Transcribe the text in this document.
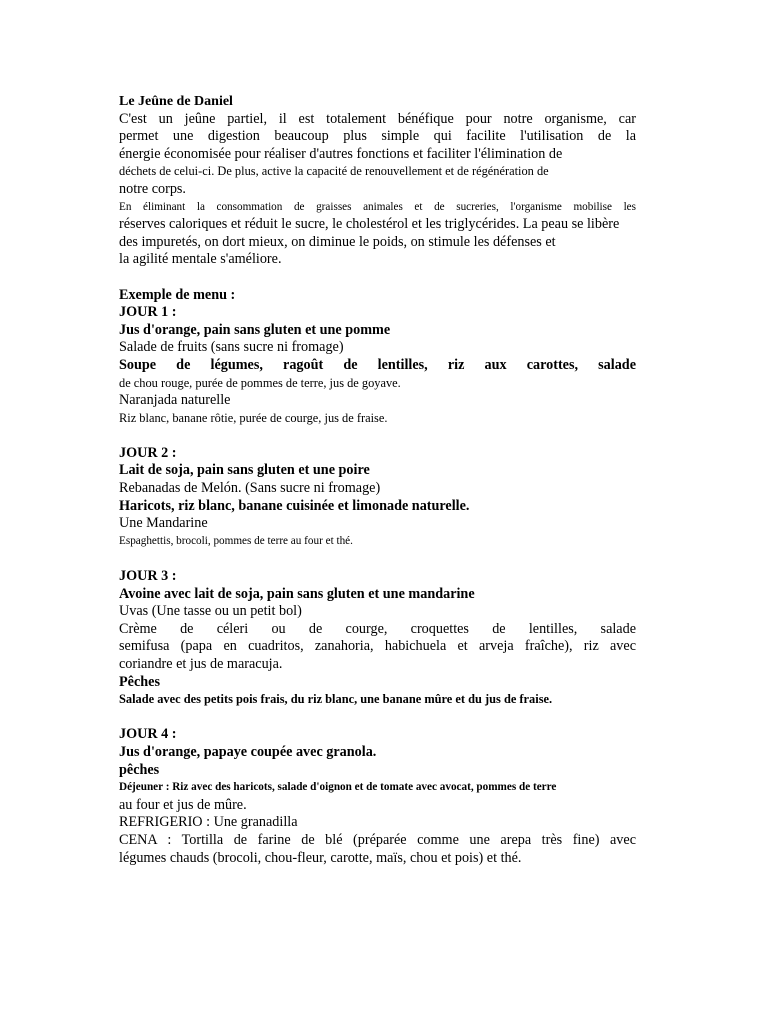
Le Jeûne de Daniel
C'est un jeûne partiel, il est totalement bénéfique pour notre organisme, car
permet une digestion beaucoup plus simple qui facilite l'utilisation de la
énergie économisée pour réaliser d'autres fonctions et faciliter l'élimination de
déchets de celui-ci. De plus, active la capacité de renouvellement et de régénération de
notre corps.
En éliminant la consommation de graisses animales et de sucreries, l'organisme mobilise les
réserves caloriques et réduit le sucre, le cholestérol et les triglycérides. La peau se libère
des impuretés, on dort mieux, on diminue le poids, on stimule les défenses et
la agilité mentale s'améliore.
Exemple de menu :
JOUR 1 :
Jus d'orange, pain sans gluten et une pomme
Salade de fruits (sans sucre ni fromage)
Soupe de légumes, ragoût de lentilles, riz aux carottes, salade
de chou rouge, purée de pommes de terre, jus de goyave.
Naranjada naturelle
Riz blanc, banane rôtie, purée de courge, jus de fraise.
JOUR 2 :
Lait de soja, pain sans gluten et une poire
Rebanadas de Melón. (Sans sucre ni fromage)
Haricots, riz blanc, banane cuisinée et limonade naturelle.
Une Mandarine
Espaghettis, brocoli, pommes de terre au four et thé.
JOUR 3 :
Avoine avec lait de soja, pain sans gluten et une mandarine
Uvas (Une tasse ou un petit bol)
Crème de céleri ou de courge, croquettes de lentilles, salade
semifusa (papa en cuadritos, zanahoria, habichuela et arveja fraîche), riz avec
coriandre et jus de maracuja.
Pêches
Salade avec des petits pois frais, du riz blanc, une banane mûre et du jus de fraise.
JOUR 4 :
Jus d'orange, papaye coupée avec granola.
pêches
Déjeuner : Riz avec des haricots, salade d'oignon et de tomate avec avocat, pommes de terre
au four et jus de mûre.
REFRIGERIO : Une granadilla
CENA : Tortilla de farine de blé (préparée comme une arepa très fine) avec
légumes chauds (brocoli, chou-fleur, carotte, maïs, chou et pois) et thé.
